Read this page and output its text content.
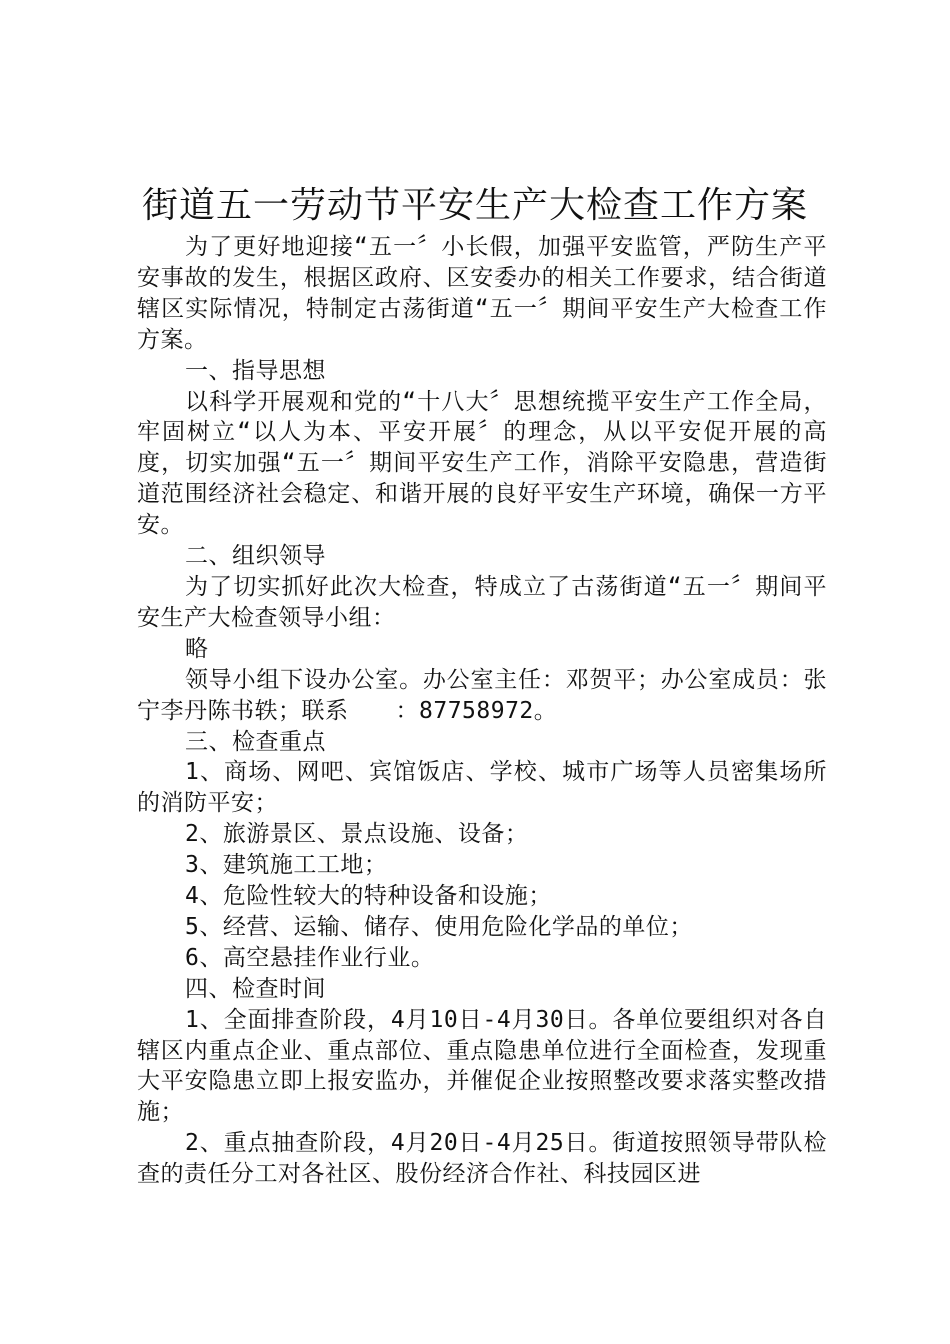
街道五一劳动节平安生产大检查工作方案

为了更好地迎接“五一〞小长假，加强平安监管，严防生产平安事故的发生，根据区政府、区安委办的相关工作要求，结合街道辖区实际情况，特制定古荡街道“五一〞期间平安生产大检查工作方案。

一、指导思想

以科学开展观和党的“十八大〞思想统揽平安生产工作全局，牢固树立“以人为本、平安开展〞的理念，从以平安促开展的高度，切实加强“五一〞期间平安生产工作，消除平安隐患，营造街道范围经济社会稳定、和谐开展的良好平安生产环境，确保一方平安。

二、组织领导

为了切实抓好此次大检查，特成立了古荡街道“五一〞期间平安生产大检查领导小组：

略

领导小组下设办公室。办公室主任：邓贺平；办公室成员：张宁李丹陈书轶；联系　　：87758972。

三、检查重点

1、商场、网吧、宾馆饭店、学校、城市广场等人员密集场所的消防平安；

2、旅游景区、景点设施、设备；

3、建筑施工工地；

4、危险性较大的特种设备和设施；

5、经营、运输、储存、使用危险化学品的单位；

6、高空悬挂作业行业。

四、检查时间

1、全面排查阶段，4月10日-4月30日。各单位要组织对各自辖区内重点企业、重点部位、重点隐患单位进行全面检查，发现重大平安隐患立即上报安监办，并催促企业按照整改要求落实整改措施；

2、重点抽查阶段，4月20日-4月25日。街道按照领导带队检查的责任分工对各社区、股份经济合作社、科技园区进
